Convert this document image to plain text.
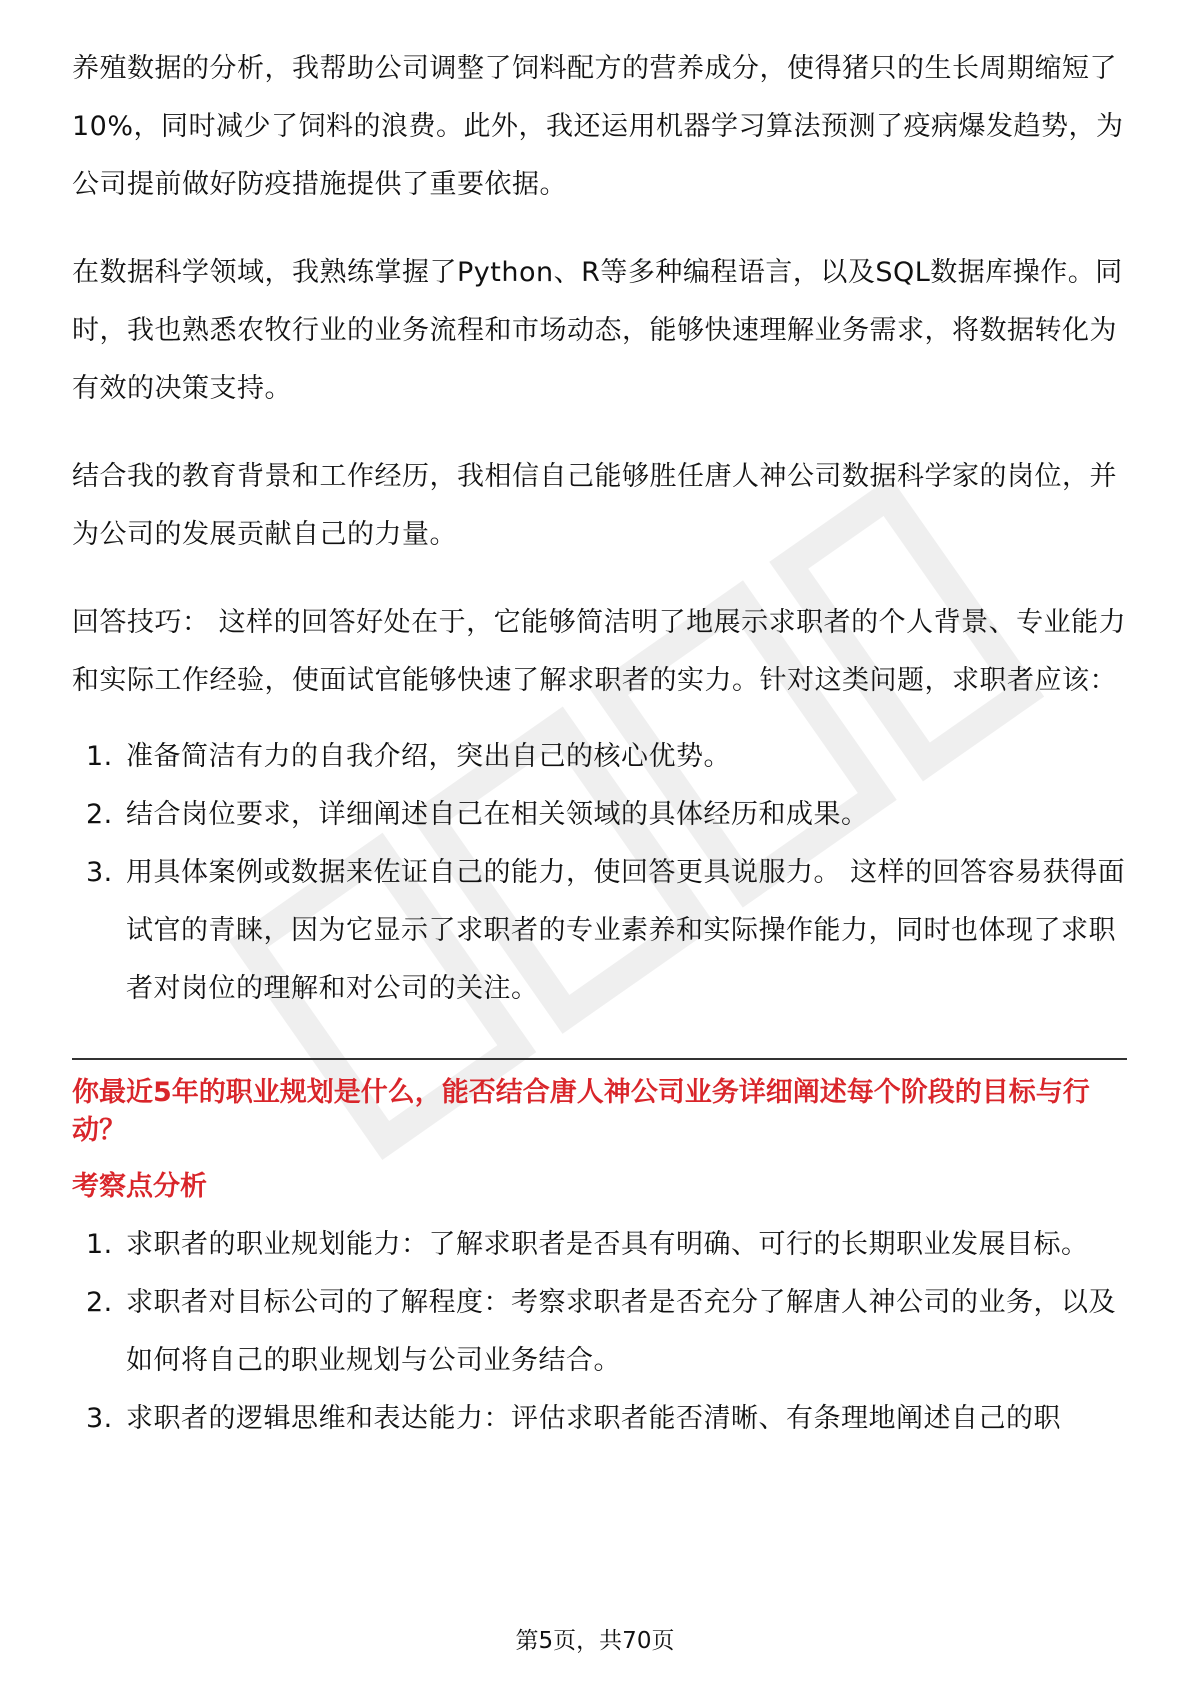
养殖数据的分析，我帮助公司调整了饲料配方的营养成分，使得猪只的生长周期缩短了10%，同时减少了饲料的浪费。此外，我还运用机器学习算法预测了疫病爆发趋势，为公司提前做好防疫措施提供了重要依据。

在数据科学领域，我熟练掌握了Python、R等多种编程语言，以及SQL数据库操作。同时，我也熟悉农牧行业的业务流程和市场动态，能够快速理解业务需求，将数据转化为有效的决策支持。

结合我的教育背景和工作经历，我相信自己能够胜任唐人神公司数据科学家的岗位，并为公司的发展贡献自己的力量。

回答技巧： 这样的回答好处在于，它能够简洁明了地展示求职者的个人背景、专业能力和实际工作经验，使面试官能够快速了解求职者的实力。针对这类问题，求职者应该：

1. 准备简洁有力的自我介绍，突出自己的核心优势。
2. 结合岗位要求，详细阐述自己在相关领域的具体经历和成果。
3. 用具体案例或数据来佐证自己的能力，使回答更具说服力。 这样的回答容易获得面试官的青睐，因为它显示了求职者的专业素养和实际操作能力，同时也体现了求职者对岗位的理解和对公司的关注。
你最近5年的职业规划是什么，能否结合唐人神公司业务详细阐述每个阶段的目标与行动？
考察点分析
1. 求职者的职业规划能力：了解求职者是否具有明确、可行的长期职业发展目标。
2. 求职者对目标公司的了解程度：考察求职者是否充分了解唐人神公司的业务，以及如何将自己的职业规划与公司业务结合。
3. 求职者的逻辑思维和表达能力：评估求职者能否清晰、有条理地阐述自己的职
第5页，共70页
